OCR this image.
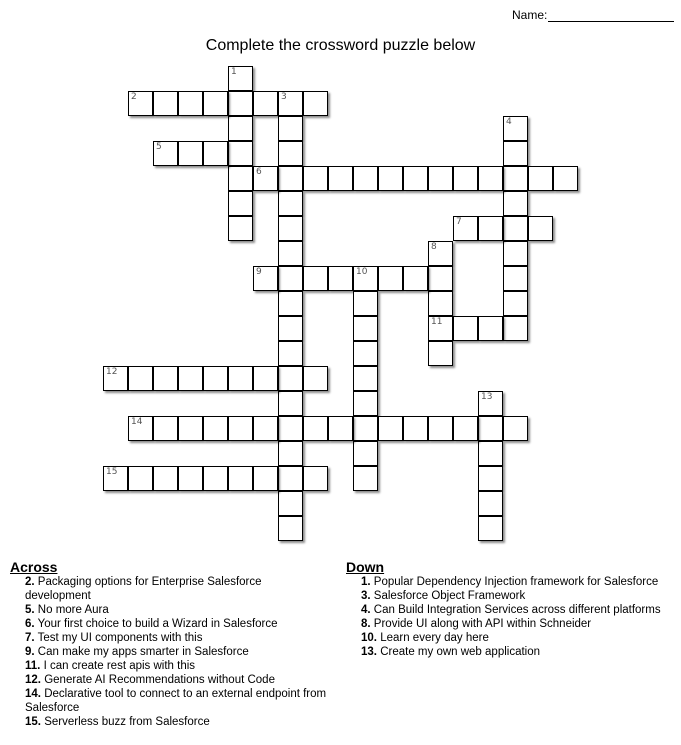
Name:
Complete the crossword puzzle below
1
2	3
4
5
6
7
8
11
9	10
12
13
14
15
Across
2. Packaging options for Enterprise Salesforce development
5. No more Aura
6. Your first choice to build a Wizard in Salesforce
7. Test my UI components with this
9. Can make my apps smarter in Salesforce
11. I can create rest apis with this
12. Generate AI Recommendations without Code
14. Declarative tool to connect to an external endpoint from Salesforce
15. Serverless buzz from Salesforce
Down
1. Popular Dependency Injection framework for Salesforce
3. Salesforce Object Framework
4. Can Build Integration Services across different platforms
8. Provide UI along with API within Schneider
10. Learn every day here
13. Create my own web application
